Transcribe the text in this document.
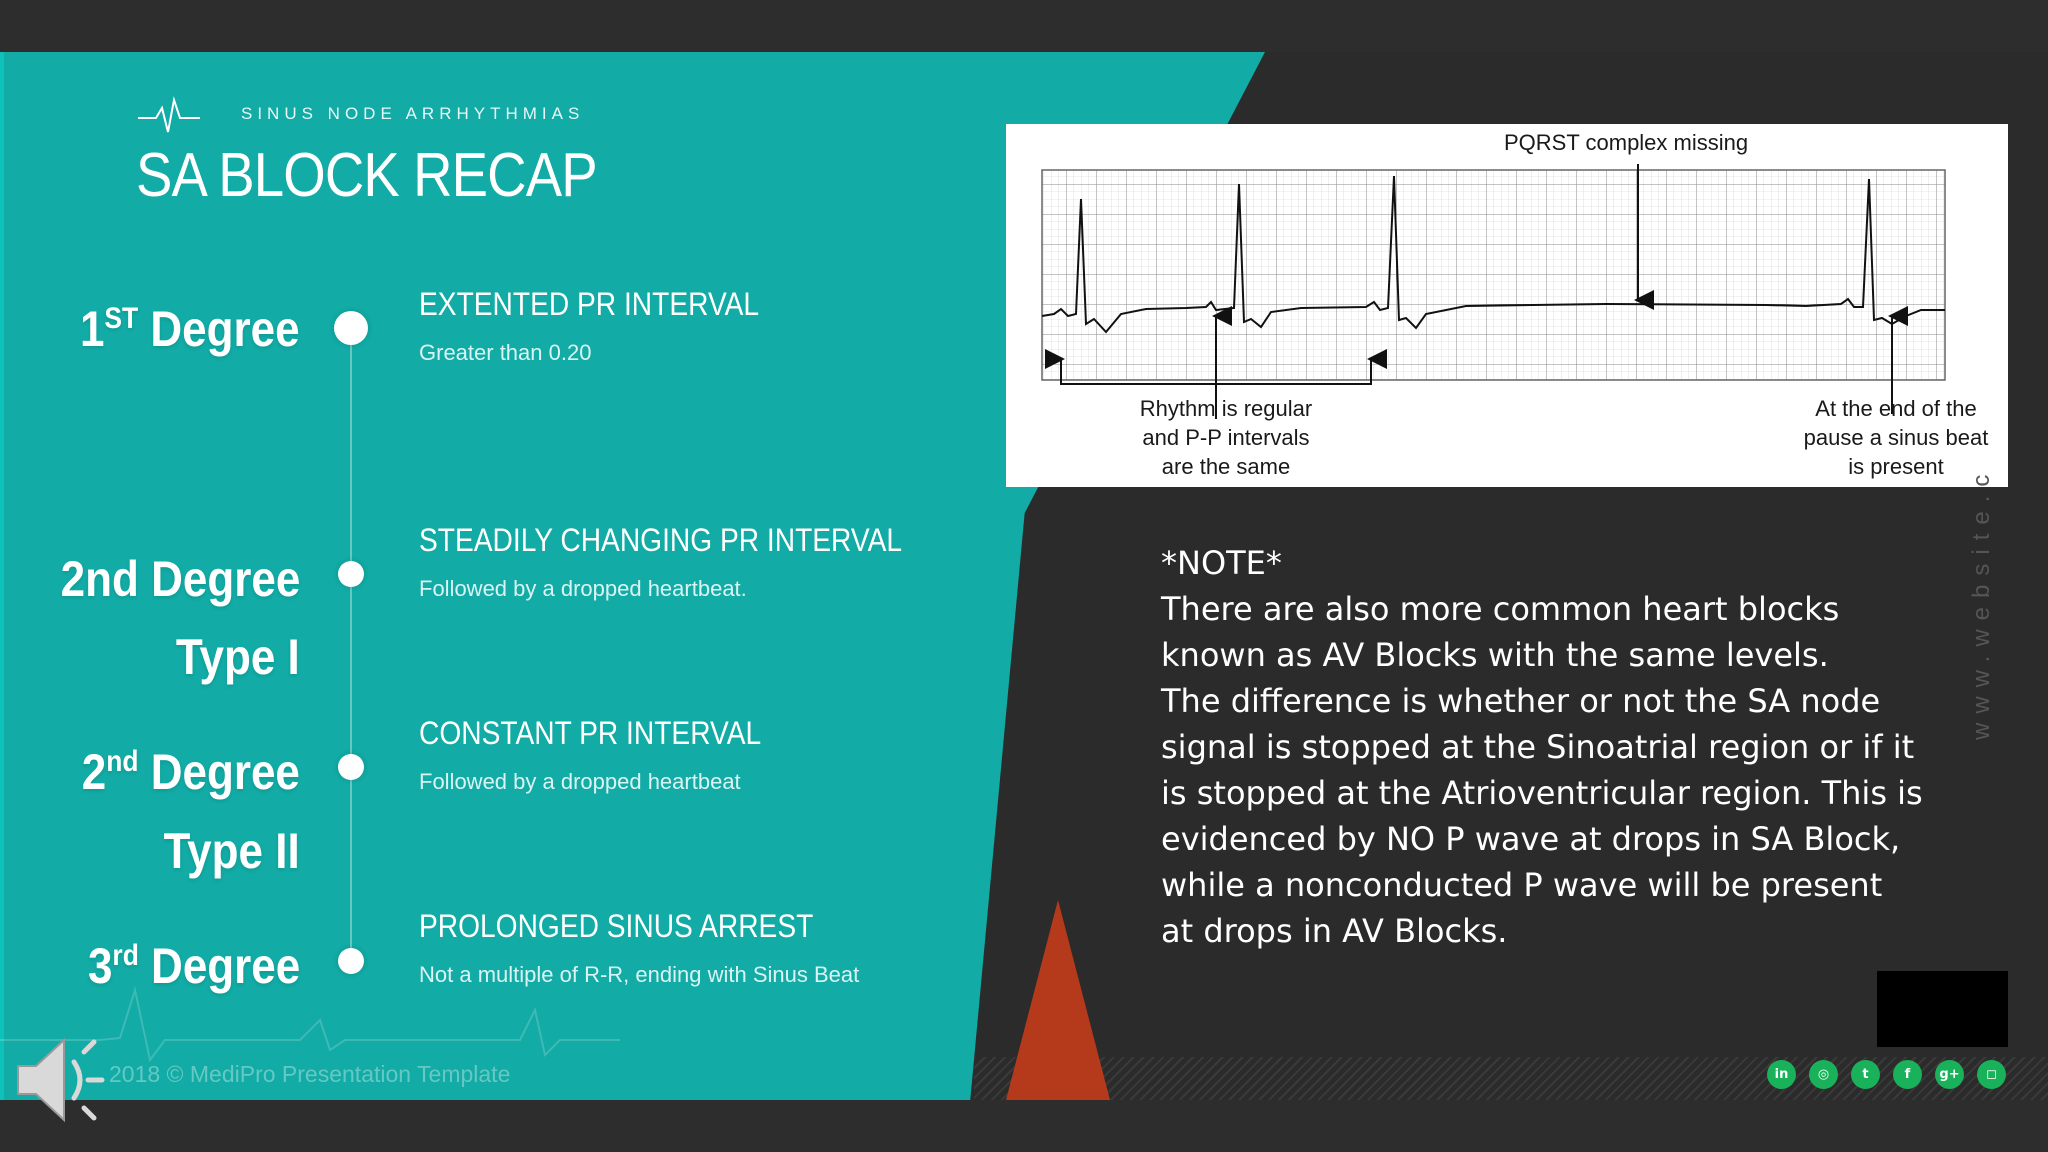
SINUS NODE ARRHYTHMIAS
SA BLOCK RECAP
1ST Degree	EXTENTED PR INTERVAL
Greater than 0.20
2nd Degree
Type I
STEADILY CHANGING PR INTERVAL
Followed by a dropped heartbeat.
2nd Degree
Type II
CONSTANT PR INTERVAL
Followed by a dropped heartbeat
3rd Degree
PROLONGED SINUS ARREST
Not a multiple of R-R, ending with Sinus Beat
PQRST complex missing
Rhythm is regular
and P-P intervals
are the same
At the end of the
pause a sinus beat
is present

*NOTE*

There are also more common heart blocks

known as AV Blocks with the same levels.

The difference is whether or not the SA node

signal is stopped at the Sinoatrial region or if it

is stopped at the Atrioventricular region. This is

evidenced by NO P wave at drops in SA Block,

while a nonconducted P wave will be present

at drops in AV Blocks.

www.website.c
in	◎	t	f	g+	◻
2018 © MediPro Presentation Template
